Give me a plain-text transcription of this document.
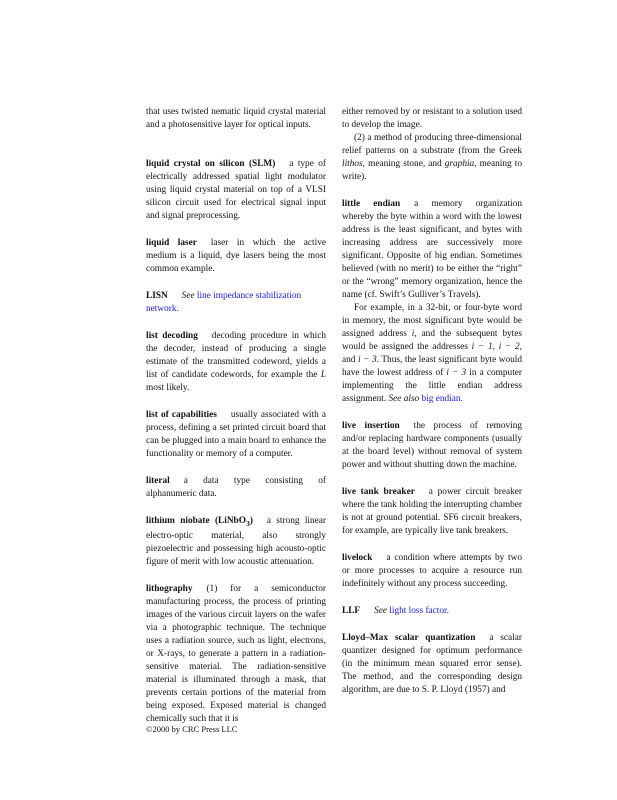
that uses twisted nematic liquid crystal material and a photosensitive layer for optical inputs.

liquid crystal on silicon (SLM) a type of electrically addressed spatial light modulator using liquid crystal material on top of a VLSI silicon circuit used for electrical signal input and signal preprocessing.

liquid laser laser in which the active medium is a liquid, dye lasers being the most common example.

LISN See line impedance stabilization network.

list decoding decoding procedure in which the decoder, instead of producing a single estimate of the transmitted codeword, yields a list of candidate codewords, for example the L most likely.

list of capabilities usually associated with a process, defining a set printed circuit board that can be plugged into a main board to enhance the functionality or memory of a computer.

literal a data type consisting of alphanumeric data.

lithium niobate (LiNbO$_3$) a strong linear electro-optic material, also strongly piezoelectric and possessing high acousto-optic figure of merit with low acoustic attenuation.

lithography (1) for a semiconductor manufacturing process, the process of printing images of the various circuit layers on the wafer via a photographic technique. The technique uses a radiation source, such as light, electrons, or X-rays, to generate a pattern in a radiation-sensitive material. The radiation-sensitive material is illuminated through a mask, that prevents certain portions of the material from being exposed. Exposed material is changed chemically such that it is

either removed by or resistant to a solution used to develop the image.

(2) a method of producing three-dimensional relief patterns on a substrate (from the Greek lithos, meaning stone, and graphia, meaning to write).

little endian a memory organization whereby the byte within a word with the lowest address is the least significant, and bytes with increasing address are successively more significant. Opposite of big endian. Sometimes believed (with no merit) to be either the “right” or the “wrong” memory organization, hence the name (cf. Swift’s Gulliver’s Travels).

For example, in a 32-bit, or four-byte word in memory, the most significant byte would be assigned address i, and the subsequent bytes would be assigned the addresses i − 1, i − 2, and i − 3. Thus, the least significant byte would have the lowest address of i − 3 in a computer implementing the little endian address assignment. See also big endian.

live insertion the process of removing and/or replacing hardware components (usually at the board level) without removal of system power and without shutting down the machine.

live tank breaker a power circuit breaker where the tank holding the interrupting chamber is not at ground potential. SF6 circuit breakers, for example, are typically live tank breakers.

livelock a condition where attempts by two or more processes to acquire a resource run indefinitely without any process succeeding.

LLF See light loss factor.

Lloyd–Max scalar quantization a scalar quantizer designed for optimum performance (in the minimum mean squared error sense). The method, and the corresponding design algorithm, are due to S. P. Lloyd (1957) and

©2000 by CRC Press LLC
